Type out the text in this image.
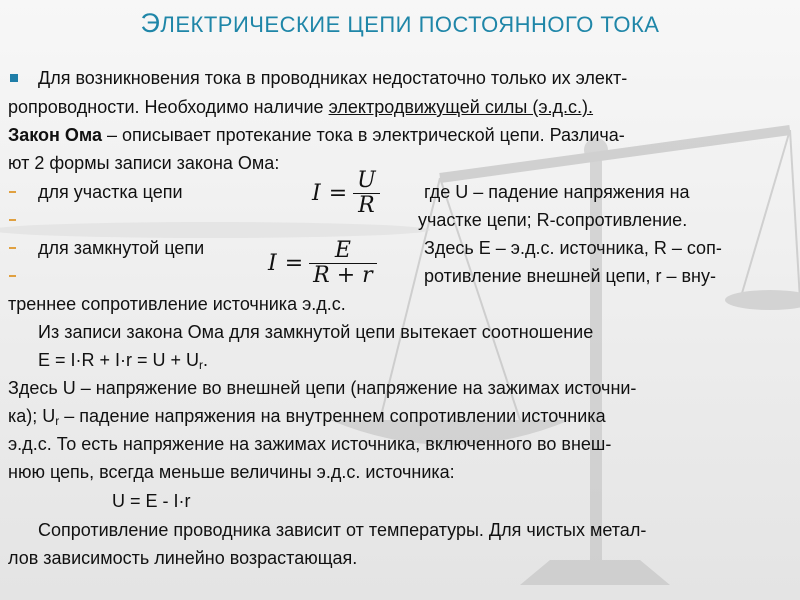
ЭЛЕКТРИЧЕСКИЕ ЦЕПИ ПОСТОЯННОГО ТОКА
Для возникновения тока в проводниках недостаточно только их элект-
ропроводности. Необходимо наличие электродвижущей силы (э.д.с.).
Закон Ома – описывает протекание тока в электрической цепи. Различа-
ют 2 формы записи закона Ома:
для участка цепи	где U – падение напряжения на
участке цепи; R-сопротивление.
для замкнутой цепи	Здесь Е – э.д.с. источника, R – соп-
ротивление внешней цепи, r – вну-
треннее сопротивление источника э.д.с.
$I = \frac{U}{R}$
$I = \frac{E}{R + r}$
Из записи закона Ома для замкнутой цепи вытекает соотношение
$E = I\cdot R + I\cdot r = U + U_r$.
Здесь U – напряжение во внешней цепи (напряжение на зажимах источни-
ка); $U_r$ – падение напряжения на внутреннем сопротивлении источника
э.д.с. То есть напряжение на зажимах источника, включенного во внеш-
нюю цепь, всегда меньше величины э.д.с. источника:
U = E - I·r
Сопротивление проводника зависит от температуры. Для чистых метал-
лов зависимость линейно возрастающая.
